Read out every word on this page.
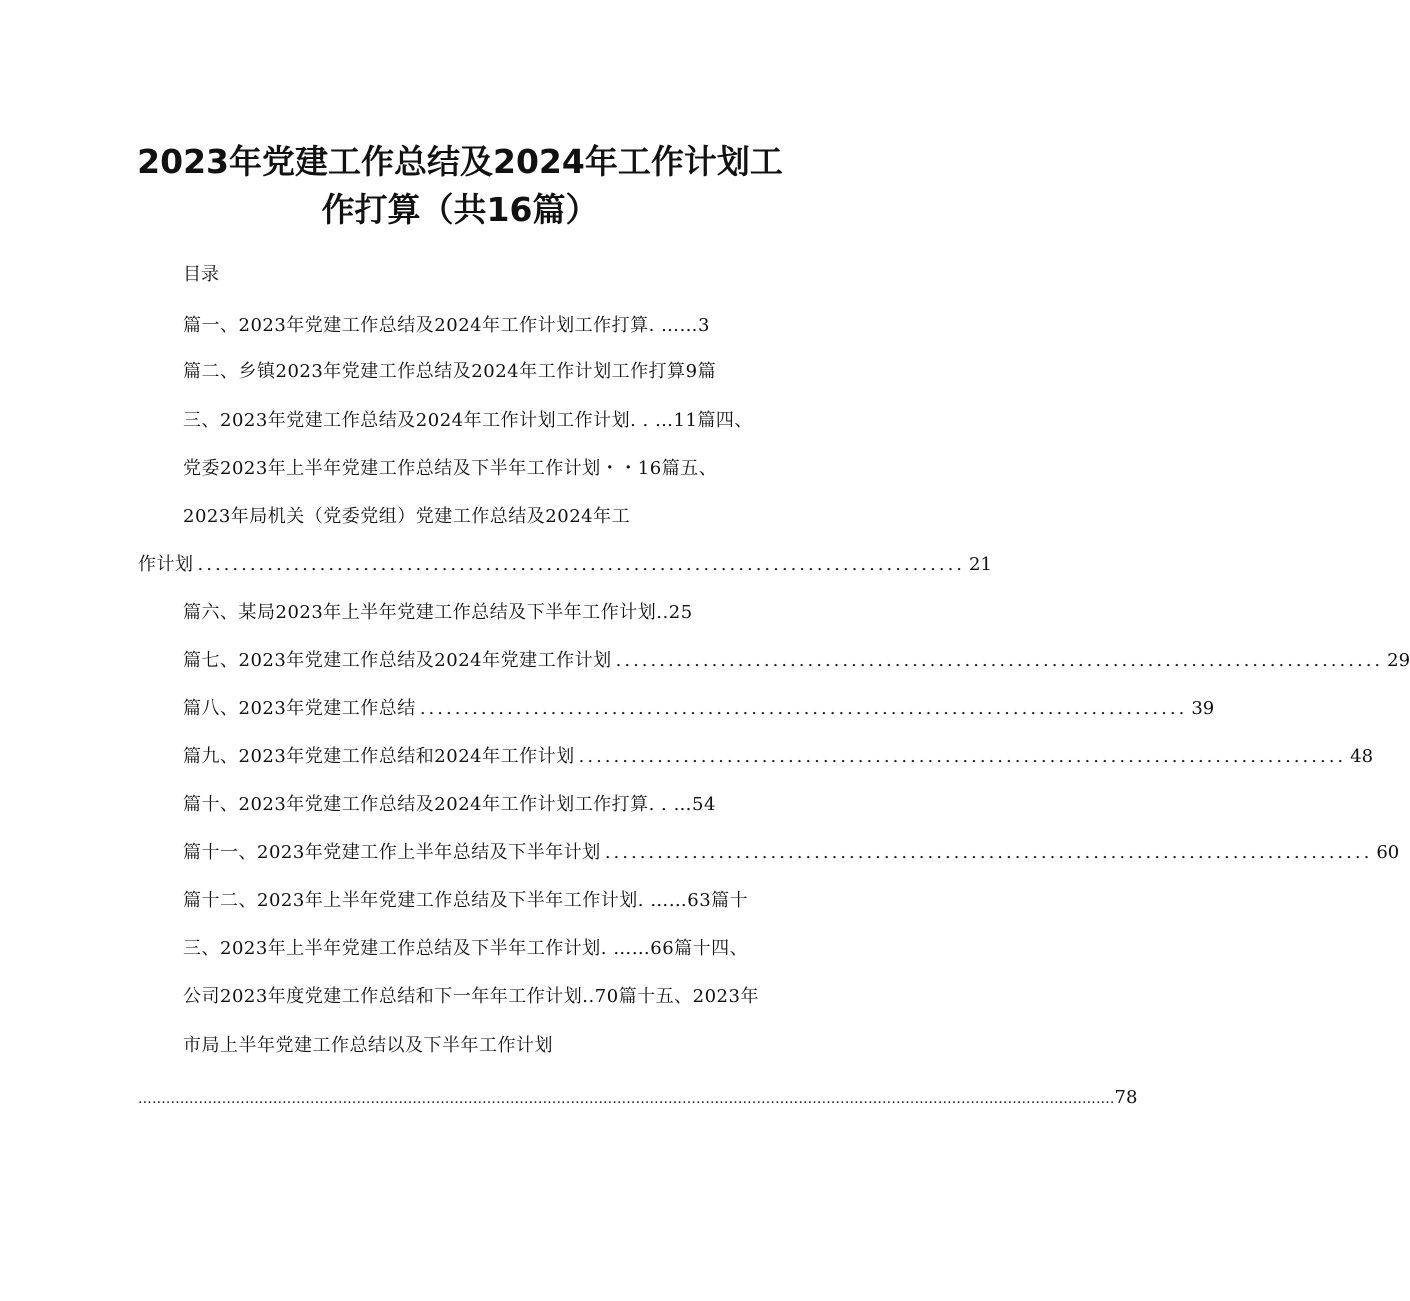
2023年党建工作总结及2024年工作计划工
作打算（共16篇）
目录
篇一、2023年党建工作总结及2024年工作计划工作打算. ……3
篇二、乡镇2023年党建工作总结及2024年工作计划工作打算9篇
三、2023年党建工作总结及2024年工作计划工作计划. . …11篇四、
党委2023年上半年党建工作总结及下半年工作计划・・16篇五、
2023年局机关（党委党组）党建工作总结及2024年工
作计划 ........................................................................................ 21
篇六、某局2023年上半年党建工作总结及下半年工作计划..25
篇七、2023年党建工作总结及2024年党建工作计划 ........................................................................................ 29
篇八、2023年党建工作总结 ........................................................................................ 39
篇九、2023年党建工作总结和2024年工作计划 ........................................................................................ 48
篇十、2023年党建工作总结及2024年工作计划工作打算. . …54
篇十一、2023年党建工作上半年总结及下半年计划 ........................................................................................ 60
篇十二、2023年上半年党建工作总结及下半年工作计划. ……63篇十
三、2023年上半年党建工作总结及下半年工作计划. ……66篇十四、
公司2023年度党建工作总结和下一年年工作计划..70篇十五、2023年
市局上半年党建工作总结以及下半年工作计划
.................................................................................................................................................................................................................. 78
